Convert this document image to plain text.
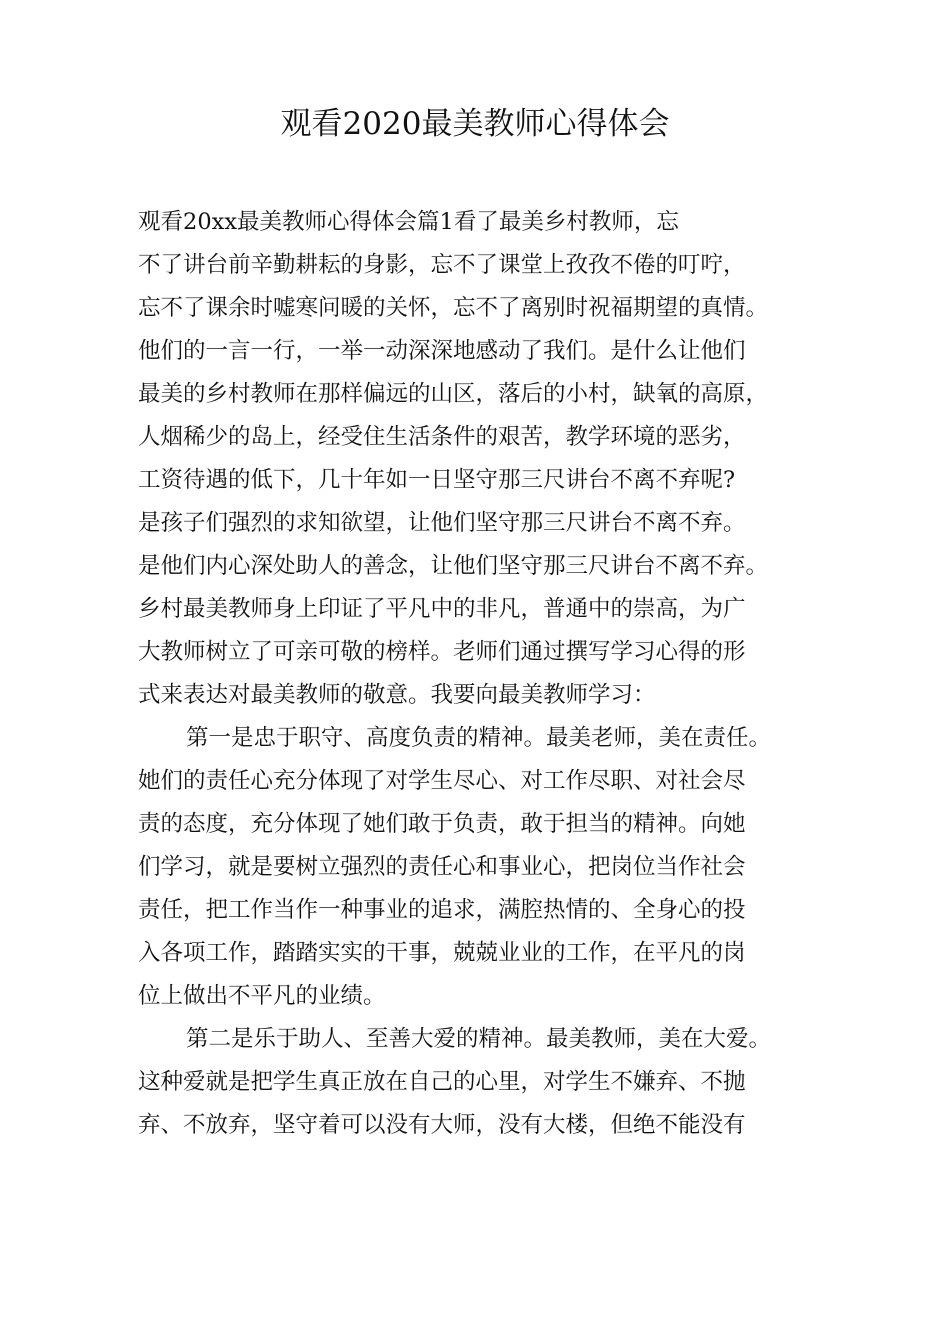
观看2020最美教师心得体会
观看20xx最美教师心得体会篇1看了最美乡村教师，忘
不了讲台前辛勤耕耘的身影，忘不了课堂上孜孜不倦的叮咛，
忘不了课余时嘘寒问暖的关怀，忘不了离别时祝福期望的真情。
他们的一言一行，一举一动深深地感动了我们。是什么让他们
最美的乡村教师在那样偏远的山区，落后的小村，缺氧的高原，
人烟稀少的岛上，经受住生活条件的艰苦，教学环境的恶劣，
工资待遇的低下，几十年如一日坚守那三尺讲台不离不弃呢?
是孩子们强烈的求知欲望，让他们坚守那三尺讲台不离不弃。
是他们内心深处助人的善念，让他们坚守那三尺讲台不离不弃。
乡村最美教师身上印证了平凡中的非凡，普通中的崇高，为广
大教师树立了可亲可敬的榜样。老师们通过撰写学习心得的形
式来表达对最美教师的敬意。我要向最美教师学习：
第一是忠于职守、高度负责的精神。最美老师，美在责任。
她们的责任心充分体现了对学生尽心、对工作尽职、对社会尽
责的态度，充分体现了她们敢于负责，敢于担当的精神。向她
们学习，就是要树立强烈的责任心和事业心，把岗位当作社会
责任，把工作当作一种事业的追求，满腔热情的、全身心的投
入各项工作，踏踏实实的干事，兢兢业业的工作，在平凡的岗
位上做出不平凡的业绩。
第二是乐于助人、至善大爱的精神。最美教师，美在大爱。
这种爱就是把学生真正放在自己的心里，对学生不嫌弃、不抛
弃、不放弃，坚守着可以没有大师，没有大楼，但绝不能没有
